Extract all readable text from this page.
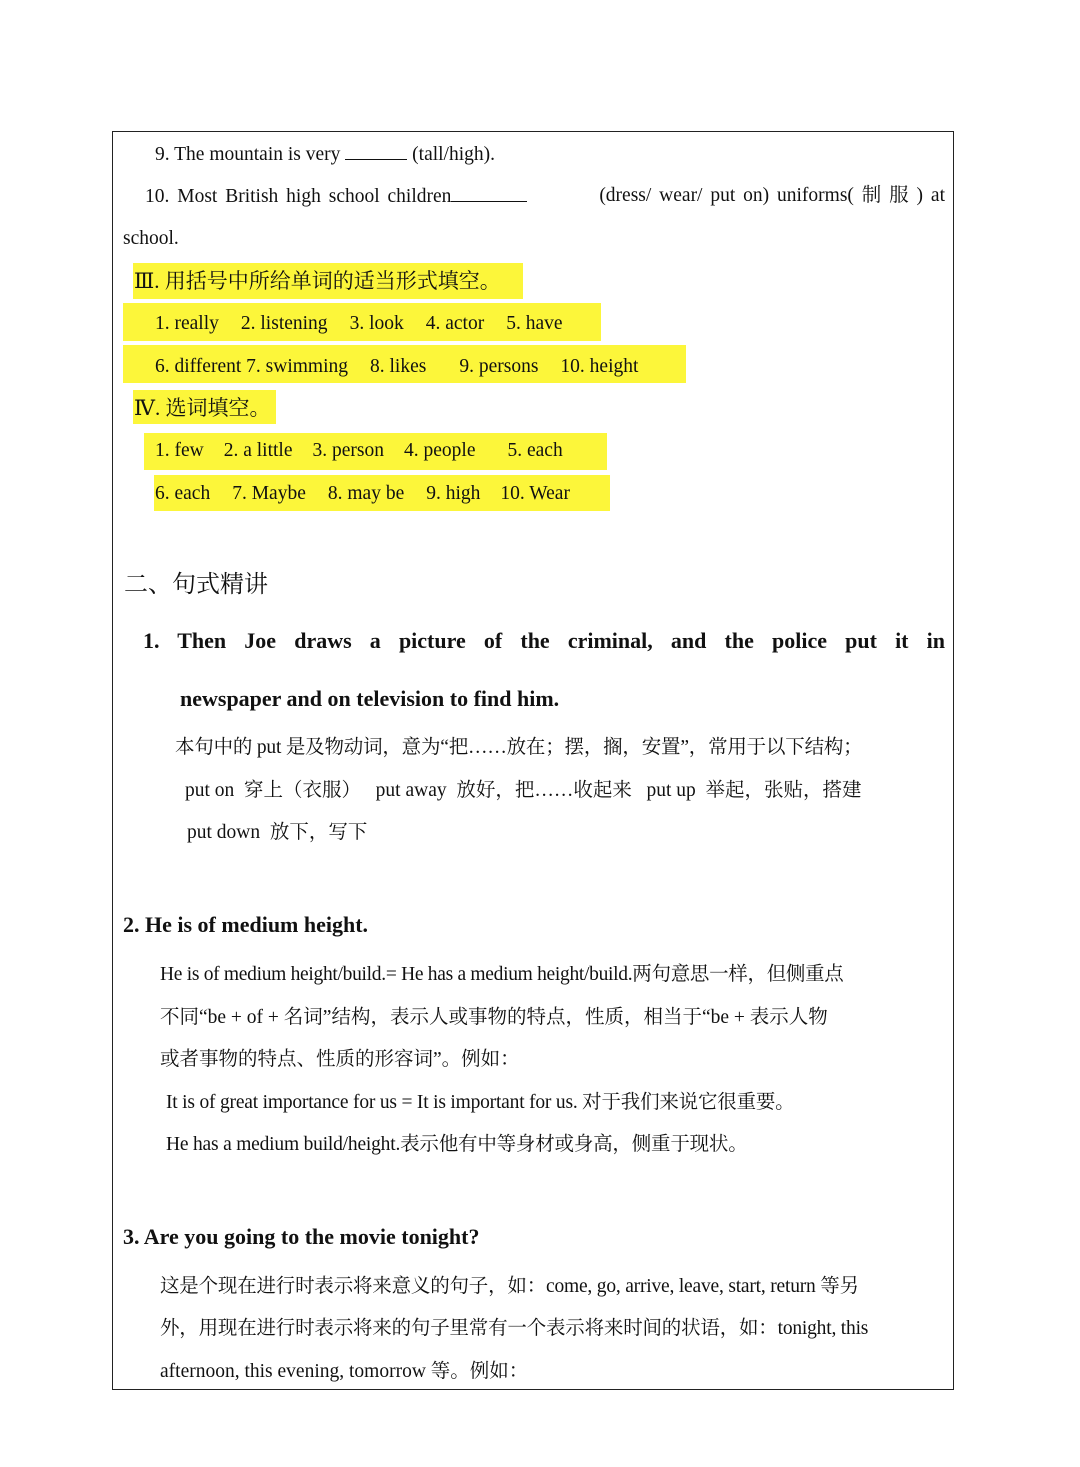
9. The mountain is very	(tall/high).
10. Most British high school children	(dress/ wear/ put on) uniforms( 制 服 ) at
school.
Ⅲ. 用括号中所给单词的适当形式填空。
1. really 2. listening 3. look 4. actor 5. have
6. different 7. swimming 8. likes 9. persons 10. height
Ⅳ. 选词填空。
1. few 2. a little 3. person 4. people 5. each
6. each 7. Maybe 8. may be 9. high 10. Wear
二、句式精讲
1. Then Joe draws a picture of the criminal, and the police put it in
newspaper and on television to find him.
本句中的 put 是及物动词，意为“把……放在；摆，搁，安置”，常用于以下结构；
put on  穿上（衣服）   put away  放好，把……收起来   put up  举起，张贴，搭建
put down  放下，写下
2. He is of medium height.
He is of medium height/build.= He has a medium height/build.两句意思一样，但侧重点
不同“be + of + 名词”结构，表示人或事物的特点，性质，相当于“be + 表示人物
或者事物的特点、性质的形容词”。例如：
It is of great importance for us = It is important for us. 对于我们来说它很重要。
He has a medium build/height.表示他有中等身材或身高，侧重于现状。
3. Are you going to the movie tonight?
这是个现在进行时表示将来意义的句子，如：come, go, arrive, leave, start, return 等另
外，用现在进行时表示将来的句子里常有一个表示将来时间的状语，如：tonight, this
afternoon, this evening, tomorrow 等。例如：
